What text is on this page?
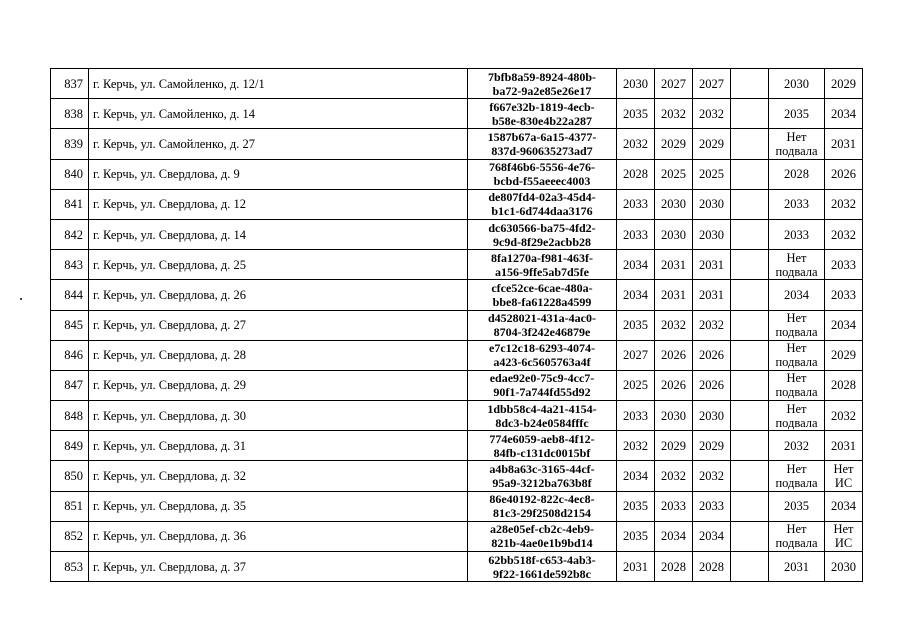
837	г. Керчь, ул. Самойленко, д. 12/1	7bfb8a59-8924-480b-
ba72-9a2e85e26e17	2030	2027	2027		2030	2029
838	г. Керчь, ул. Самойленко, д. 14	f667e32b-1819-4ecb-
b58e-830e4b22a287	2035	2032	2032		2035	2034
839	г. Керчь, ул. Самойленко, д. 27	1587b67a-6a15-4377-
837d-960635273ad7	2032	2029	2029		Нет подвала	2031
840	г. Керчь, ул. Свердлова, д. 9	768f46b6-5556-4e76-
bcbd-f55aeeec4003	2028	2025	2025		2028	2026
841	г. Керчь, ул. Свердлова, д. 12	de807fd4-02a3-45d4-
b1c1-6d744daa3176	2033	2030	2030		2033	2032
842	г. Керчь, ул. Свердлова, д. 14	dc630566-ba75-4fd2-
9c9d-8f29e2acbb28	2033	2030	2030		2033	2032
843	г. Керчь, ул. Свердлова, д. 25	8fa1270a-f981-463f-
a156-9ffe5ab7d5fe	2034	2031	2031		Нет подвала	2033
844	г. Керчь, ул. Свердлова, д. 26	cfce52ce-6cae-480a-
bbe8-fa61228a4599	2034	2031	2031		2034	2033
845	г. Керчь, ул. Свердлова, д. 27	d4528021-431a-4ac0-
8704-3f242e46879e	2035	2032	2032		Нет подвала	2034
846	г. Керчь, ул. Свердлова, д. 28	e7c12c18-6293-4074-
a423-6c5605763a4f	2027	2026	2026		Нет подвала	2029
847	г. Керчь, ул. Свердлова, д. 29	edae92e0-75c9-4cc7-
90f1-7a744fd55d92	2025	2026	2026		Нет подвала	2028
848	г. Керчь, ул. Свердлова, д. 30	1dbb58c4-4a21-4154-
8dc3-b24e0584fffc	2033	2030	2030		Нет подвала	2032
849	г. Керчь, ул. Свердлова, д. 31	774e6059-aeb8-4f12-
84fb-c131dc0015bf	2032	2029	2029		2032	2031
850	г. Керчь, ул. Свердлова, д. 32	a4b8a63c-3165-44cf-
95a9-3212ba763b8f	2034	2032	2032		Нет подвала	Нет ИС
851	г. Керчь, ул. Свердлова, д. 35	86e40192-822c-4ec8-
81c3-29f2508d2154	2035	2033	2033		2035	2034
852	г. Керчь, ул. Свердлова, д. 36	a28e05ef-cb2c-4eb9-
821b-4ae0e1b9bd14	2035	2034	2034		Нет подвала	Нет ИС
853	г. Керчь, ул. Свердлова, д. 37	62bb518f-c653-4ab3-
9f22-1661de592b8c	2031	2028	2028		2031	2030
